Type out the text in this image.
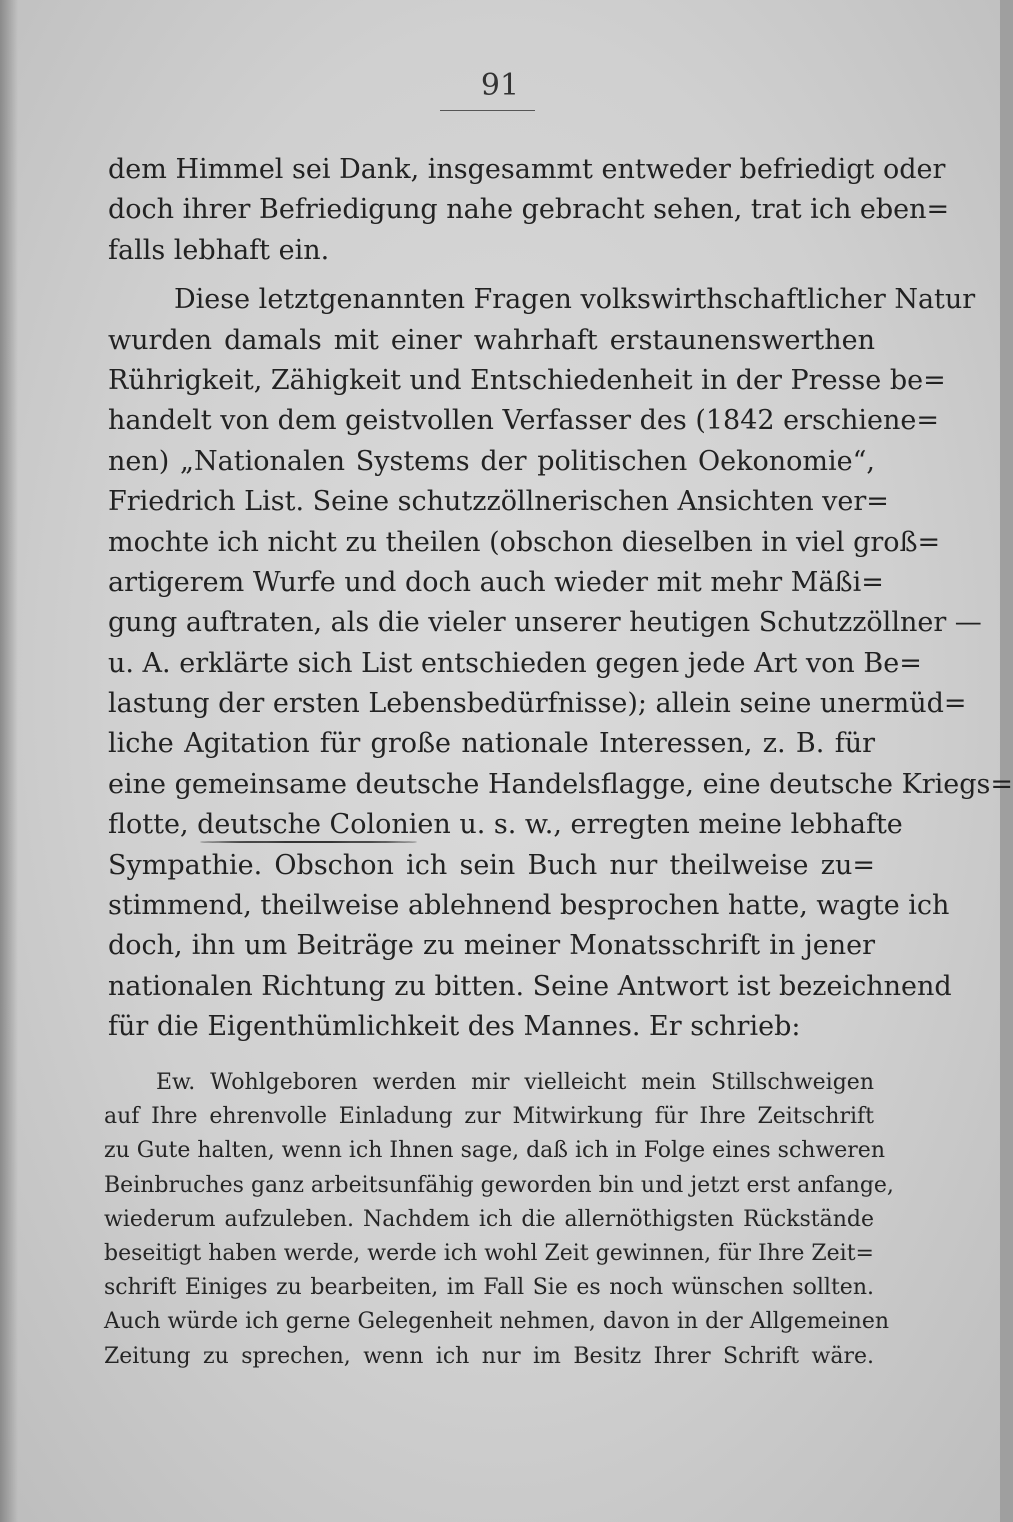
91
dem Himmel sei Dank, insgesammt entweder befriedigt oder
doch ihrer Befriedigung nahe gebracht sehen, trat ich eben=
falls lebhaft ein.
Diese letztgenannten Fragen volkswirthschaftlicher Natur
wurden damals mit einer wahrhaft erstaunenswerthen
Rührigkeit, Zähigkeit und Entschiedenheit in der Presse be=
handelt von dem geistvollen Verfasser des (1842 erschiene=
nen) „Nationalen Systems der politischen Oekonomie“,
Friedrich List. Seine schutzzöllnerischen Ansichten ver=
mochte ich nicht zu theilen (obschon dieselben in viel groß=
artigerem Wurfe und doch auch wieder mit mehr Mäßi=
gung auftraten, als die vieler unserer heutigen Schutzzöllner —
u. A. erklärte sich List entschieden gegen jede Art von Be=
lastung der ersten Lebensbedürfnisse); allein seine unermüd=
liche Agitation für große nationale Interessen, z. B. für
eine gemeinsame deutsche Handelsflagge, eine deutsche Kriegs=
flotte, deutsche Colonien u. s. w., erregten meine lebhafte
Sympathie. Obschon ich sein Buch nur theilweise zu=
stimmend, theilweise ablehnend besprochen hatte, wagte ich
doch, ihn um Beiträge zu meiner Monatsschrift in jener
nationalen Richtung zu bitten. Seine Antwort ist bezeichnend
für die Eigenthümlichkeit des Mannes. Er schrieb:
Ew. Wohlgeboren werden mir vielleicht mein Stillschweigen
auf Ihre ehrenvolle Einladung zur Mitwirkung für Ihre Zeitschrift
zu Gute halten, wenn ich Ihnen sage, daß ich in Folge eines schweren
Beinbruches ganz arbeitsunfähig geworden bin und jetzt erst anfange,
wiederum aufzuleben. Nachdem ich die allernöthigsten Rückstände
beseitigt haben werde, werde ich wohl Zeit gewinnen, für Ihre Zeit=
schrift Einiges zu bearbeiten, im Fall Sie es noch wünschen sollten.
Auch würde ich gerne Gelegenheit nehmen, davon in der Allgemeinen
Zeitung zu sprechen, wenn ich nur im Besitz Ihrer Schrift wäre.
